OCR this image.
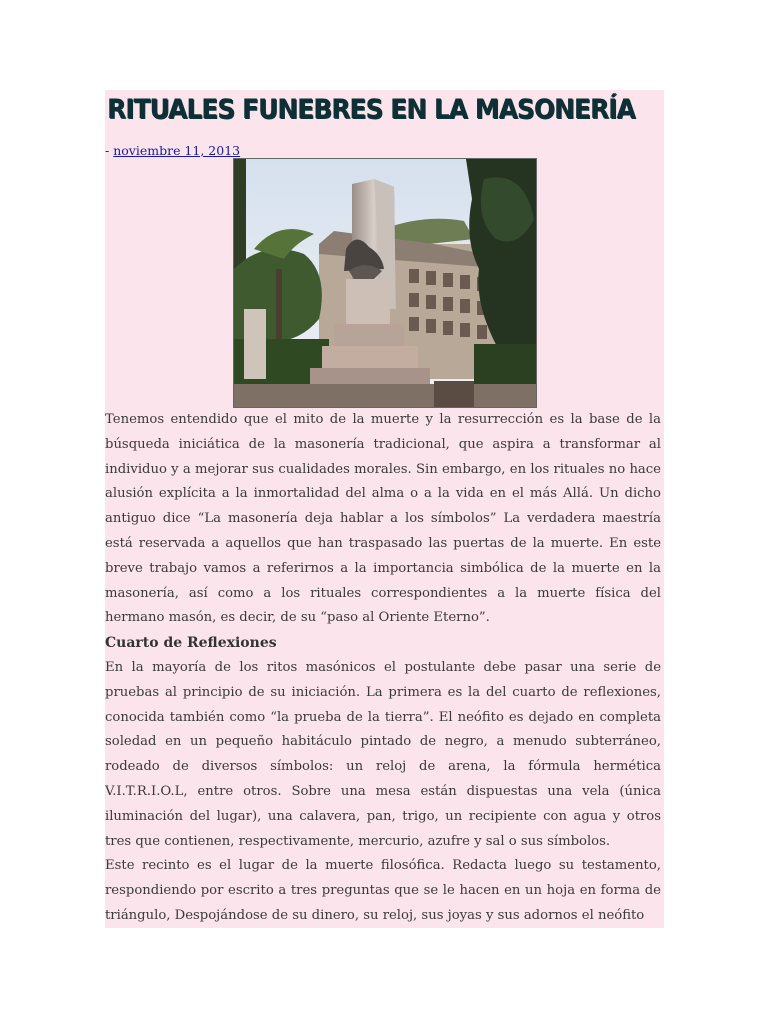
RITUALES FUNEBRES EN LA MASONERÍA
- noviembre 11, 2013

Tenemos entendido que el mito de la muerte y la resurrección es la base de la búsqueda iniciática de la masonería tradicional, que aspira a transformar al individuo y a mejorar sus cualidades morales. Sin embargo, en los rituales no hace alusión explícita a la inmortalidad del alma o a la vida en el más Allá. Un dicho antiguo dice “La masonería deja hablar a los símbolos” La verdadera maestría está reservada a aquellos que han traspasado las puertas de la muerte. En este breve trabajo vamos a referirnos a la importancia simbólica de la muerte en la masonería, así como a los rituales correspondientes a la muerte física del hermano masón, es decir, de su “paso al Oriente Eterno”.

Cuarto de Reflexiones

En la mayoría de los ritos masónicos el postulante debe pasar una serie de pruebas al principio de su iniciación. La primera es la del cuarto de reflexiones, conocida también como “la prueba de la tierra”. El neófito es dejado en completa soledad en un pequeño habitáculo pintado de negro, a menudo subterráneo, rodeado de diversos símbolos: un reloj de arena, la fórmula hermética V.I.T.R.I.O.L, entre otros. Sobre una mesa están dispuestas una vela (única iluminación del lugar), una calavera, pan, trigo, un recipiente con agua y otros tres que contienen, respectivamente, mercurio, azufre y sal o sus símbolos.

Este recinto es el lugar de la muerte filosófica. Redacta luego su testamento, respondiendo por escrito a tres preguntas que se le hacen en un hoja en forma de triángulo, Despojándose de su dinero, su reloj, sus joyas y sus adornos el neófito
